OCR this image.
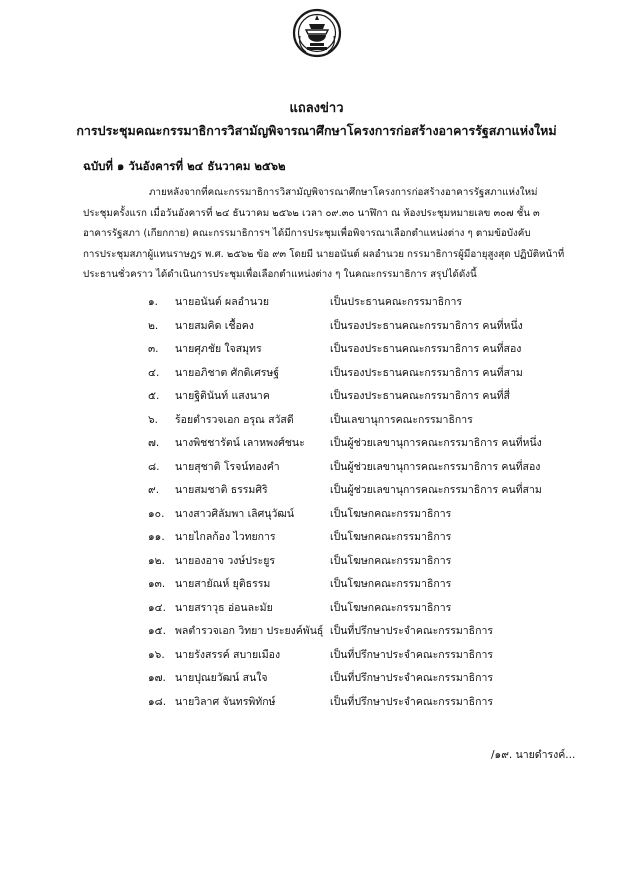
แถลงข่าว
การประชุมคณะกรรมาธิการวิสามัญพิจารณาศึกษาโครงการก่อสร้างอาคารรัฐสภาแห่งใหม่
ฉบับที่ ๑ วันอังคารที่ ๒๔ ธันวาคม ๒๕๖๒
ภายหลังจากที่คณะกรรมาธิการวิสามัญพิจารณาศึกษาโครงการก่อสร้างอาคารรัฐสภาแห่งใหม่
ประชุมครั้งแรก เมื่อวันอังคารที่ ๒๔ ธันวาคม ๒๕๖๒ เวลา ๐๙.๓๐ นาฬิกา ณ ห้องประชุมหมายเลข ๓๐๗ ชั้น ๓
อาคารรัฐสภา (เกียกกาย) คณะกรรมาธิการฯ ได้มีการประชุมเพื่อพิจารณาเลือกตำแหน่งต่าง ๆ ตามข้อบังคับ
การประชุมสภาผู้แทนราษฎร พ.ศ. ๒๕๖๒ ข้อ ๙๓ โดยมี นายอนันต์ ผลอำนวย กรรมาธิการผู้มีอายุสูงสุด ปฏิบัติหน้าที่
ประธานชั่วคราว ได้ดำเนินการประชุมเพื่อเลือกตำแหน่งต่าง ๆ ในคณะกรรมาธิการ สรุปได้ดังนี้
๑. นายอนันต์ ผลอำนวย	เป็นประธานคณะกรรมาธิการ
๒. นายสมคิด เชื้อคง	เป็นรองประธานคณะกรรมาธิการ คนที่หนึ่ง
๓. นายศุภชัย ใจสมุทร	เป็นรองประธานคณะกรรมาธิการ คนที่สอง
๔. นายอภิชาต ศักดิเศรษฐ์	เป็นรองประธานคณะกรรมาธิการ คนที่สาม
๕. นายฐิตินันท์ แสงนาค	เป็นรองประธานคณะกรรมาธิการ คนที่สี่
๖. ร้อยตำรวจเอก อรุณ สวัสดี	เป็นเลขานุการคณะกรรมาธิการ
๗. นางพิชชารัตน์ เลาหพงศ์ชนะ เป็นผู้ช่วยเลขานุการคณะกรรมาธิการ คนที่หนึ่ง
๘. นายสุชาติ โรจน์ทองคำ	เป็นผู้ช่วยเลขานุการคณะกรรมาธิการ คนที่สอง
๙. นายสมชาติ ธรรมศิริ	เป็นผู้ช่วยเลขานุการคณะกรรมาธิการ คนที่สาม
๑๐. นางสาวศิลัมพา เลิศนุวัฒน์	เป็นโฆษกคณะกรรมาธิการ
๑๑. นายไกลก้อง ไวทยการ	เป็นโฆษกคณะกรรมาธิการ
๑๒. นายองอาจ วงษ์ประยูร	เป็นโฆษกคณะกรรมาธิการ
๑๓. นายสายัณห์ ยุติธรรม	เป็นโฆษกคณะกรรมาธิการ
๑๔. นายสราวุธ อ่อนละมัย	เป็นโฆษกคณะกรรมาธิการ
๑๕. พลตำรวจเอก วิทยา ประยงค์พันธุ์ เป็นที่ปรึกษาประจำคณะกรรมาธิการ
๑๖. นายรังสรรค์ สบายเมือง	เป็นที่ปรึกษาประจำคณะกรรมาธิการ
๑๗. นายปุณยวัฒน์ สนใจ	เป็นที่ปรึกษาประจำคณะกรรมาธิการ
๑๘. นายวิลาศ จันทรพิทักษ์	เป็นที่ปรึกษาประจำคณะกรรมาธิการ
/๑๙. นายดำรงค์...
